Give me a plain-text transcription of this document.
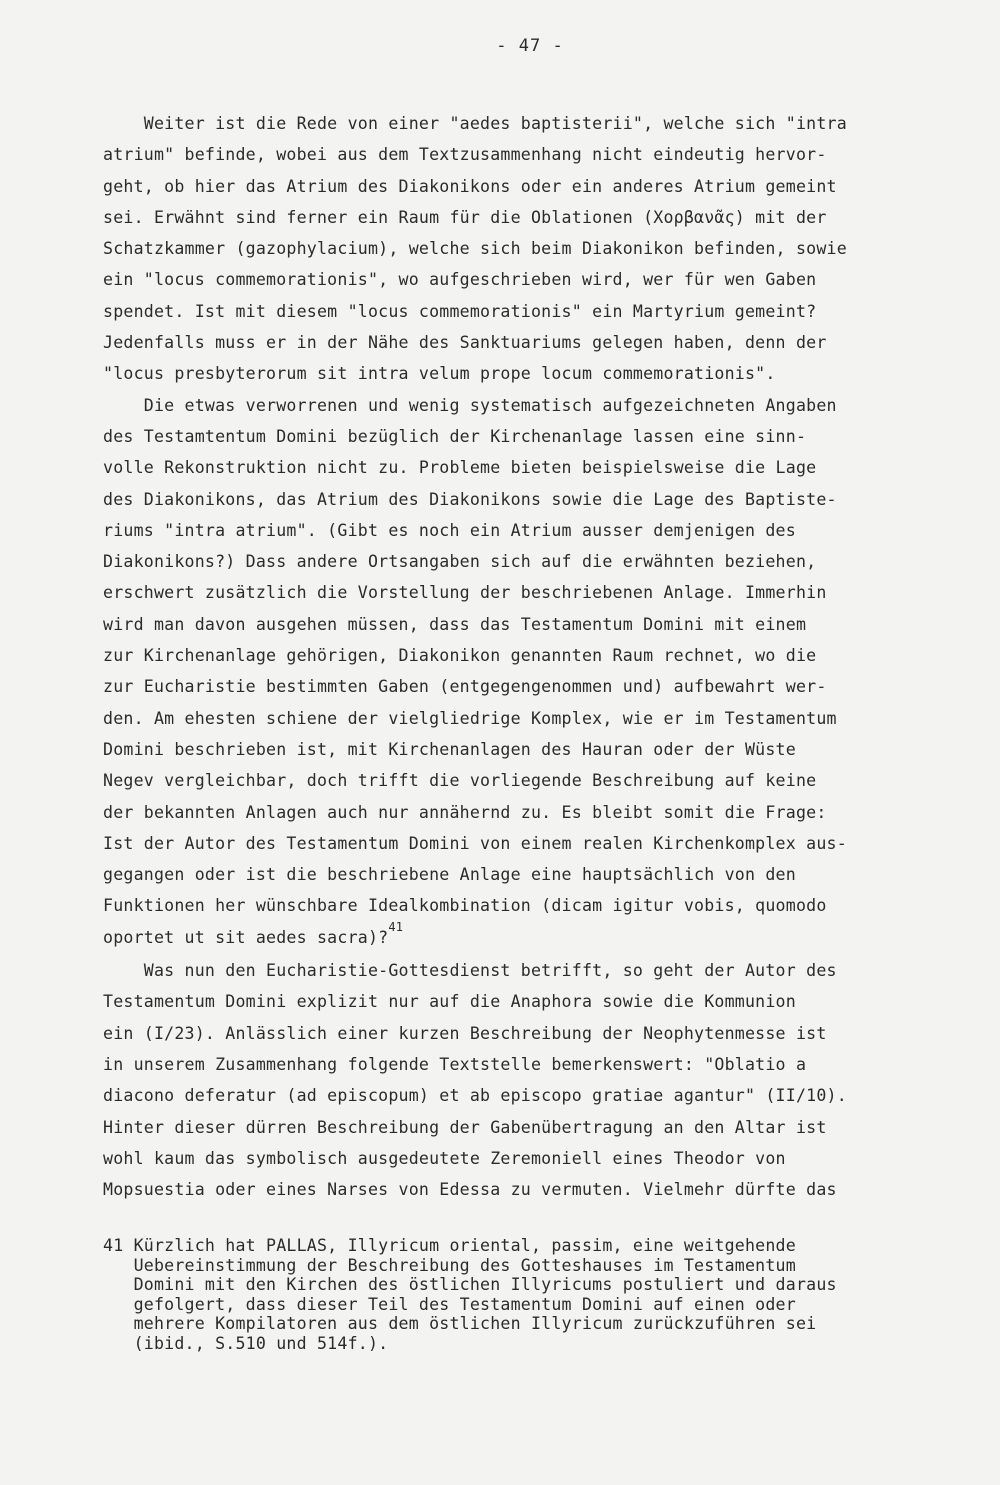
- 47 -
Weiter ist die Rede von einer "aedes baptisterii", welche sich "intra
atrium" befinde, wobei aus dem Textzusammenhang nicht eindeutig hervor-
geht, ob hier das Atrium des Diakonikons oder ein anderes Atrium gemeint
sei. Erwähnt sind ferner ein Raum für die Oblationen (Χορβανᾶς) mit der
Schatzkammer (gazophylacium), welche sich beim Diakonikon befinden, sowie
ein "locus commemorationis", wo aufgeschrieben wird, wer für wen Gaben
spendet. Ist mit diesem "locus commemorationis" ein Martyrium gemeint?
Jedenfalls muss er in der Nähe des Sanktuariums gelegen haben, denn der
"locus presbyterorum sit intra velum prope locum commemorationis".
Die etwas verworrenen und wenig systematisch aufgezeichneten Angaben
des Testamtentum Domini bezüglich der Kirchenanlage lassen eine sinn-
volle Rekonstruktion nicht zu. Probleme bieten beispielsweise die Lage
des Diakonikons, das Atrium des Diakonikons sowie die Lage des Baptiste-
riums "intra atrium". (Gibt es noch ein Atrium ausser demjenigen des
Diakonikons?) Dass andere Ortsangaben sich auf die erwähnten beziehen,
erschwert zusätzlich die Vorstellung der beschriebenen Anlage. Immerhin
wird man davon ausgehen müssen, dass das Testamentum Domini mit einem
zur Kirchenanlage gehörigen, Diakonikon genannten Raum rechnet, wo die
zur Eucharistie bestimmten Gaben (entgegengenommen und) aufbewahrt wer-
den. Am ehesten schiene der vielgliedrige Komplex, wie er im Testamentum
Domini beschrieben ist, mit Kirchenanlagen des Hauran oder der Wüste
Negev vergleichbar, doch trifft die vorliegende Beschreibung auf keine
der bekannten Anlagen auch nur annähernd zu. Es bleibt somit die Frage:
Ist der Autor des Testamentum Domini von einem realen Kirchenkomplex aus-
gegangen oder ist die beschriebene Anlage eine hauptsächlich von den
Funktionen her wünschbare Idealkombination (dicam igitur vobis, quomodo
oportet ut sit aedes sacra)?$^{41}$
Was nun den Eucharistie-Gottesdienst betrifft, so geht der Autor des
Testamentum Domini explizit nur auf die Anaphora sowie die Kommunion
ein (I/23). Anlässlich einer kurzen Beschreibung der Neophytenmesse ist
in unserem Zusammenhang folgende Textstelle bemerkenswert: "Oblatio a
diacono deferatur (ad episcopum) et ab episcopo gratiae agantur" (II/10).
Hinter dieser dürren Beschreibung der Gabenübertragung an den Altar ist
wohl kaum das symbolisch ausgedeutete Zeremoniell eines Theodor von
Mopsuestia oder eines Narses von Edessa zu vermuten. Vielmehr dürfte das
41 Kürzlich hat PALLAS, Illyricum oriental, passim, eine weitgehende
Uebereinstimmung der Beschreibung des Gotteshauses im Testamentum
Domini mit den Kirchen des östlichen Illyricums postuliert und daraus
gefolgert, dass dieser Teil des Testamentum Domini auf einen oder
mehrere Kompilatoren aus dem östlichen Illyricum zurückzuführen sei
(ibid., S.510 und 514f.).
